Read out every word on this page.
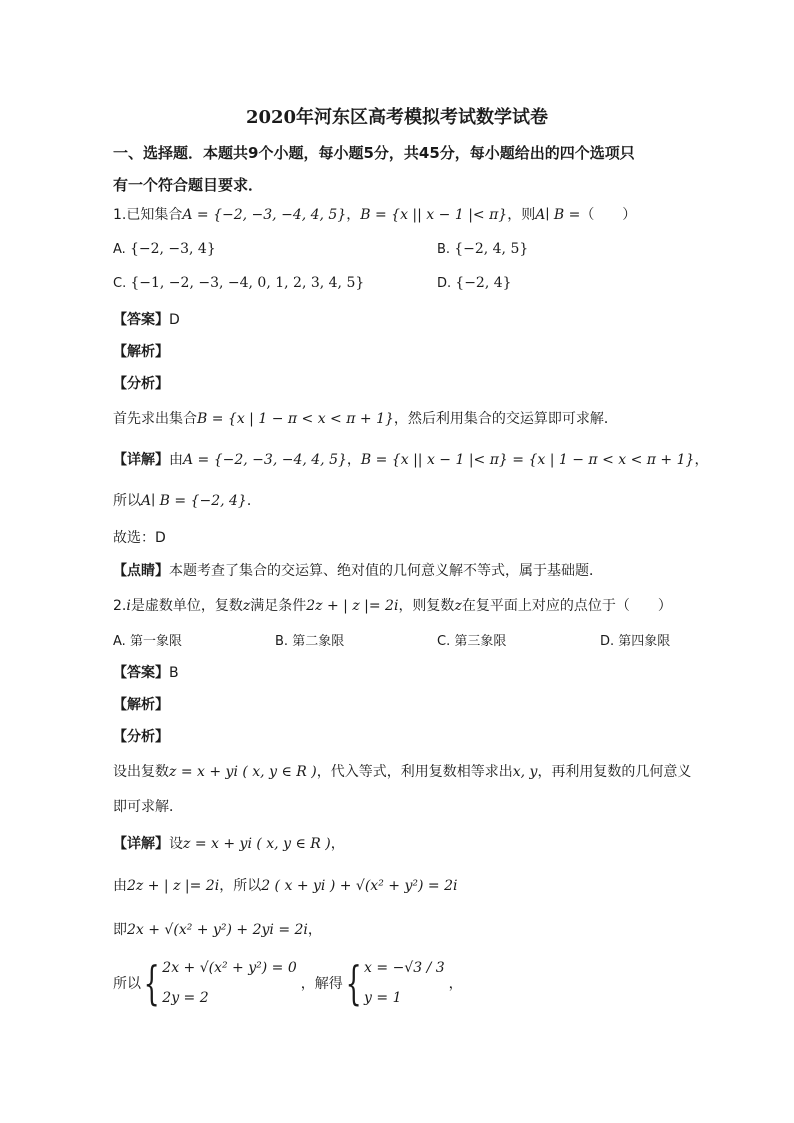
2020年河东区高考模拟考试数学试卷
一、选择题．本题共9个小题，每小题5分，共45分，每小题给出的四个选项只
有一个符合题目要求．
1.已知集合A = {−2, −3, −4, 4, 5}，B = {x || x − 1 |< π}，则A∣ B =（　　）
A. {−2, −3, 4}	B. {−2, 4, 5}
C. {−1, −2, −3, −4, 0, 1, 2, 3, 4, 5}	D. {−2, 4}
【答案】D
【解析】
【分析】
首先求出集合B = {x | 1 − π < x < π + 1}，然后利用集合的交运算即可求解．
【详解】由A = {−2, −3, −4, 4, 5}，B = {x || x − 1 |< π} = {x | 1 − π < x < π + 1}，
所以A∣ B = {−2, 4}．
故选：D
【点睛】本题考查了集合的交运算、绝对值的几何意义解不等式，属于基础题．
2.i是虚数单位，复数z满足条件2z + | z |= 2i，则复数z在复平面上对应的点位于（　　）
A. 第一象限	B. 第二象限	C. 第三象限	D. 第四象限
【答案】B
【解析】
【分析】
设出复数z = x + yi ( x, y ∈ R )，代入等式，利用复数相等求出x, y，再利用复数的几何意义
即可求解．
【详解】设z = x + yi ( x, y ∈ R )，
由2z + | z |= 2i，所以2 ( x + yi ) + √(x² + y²) = 2i
即2x + √(x² + y²) + 2yi = 2i，
所以 { 2x + √(x² + y²) = 0
2y = 2
，解得 { x = −√3 / 3
y = 1
，
